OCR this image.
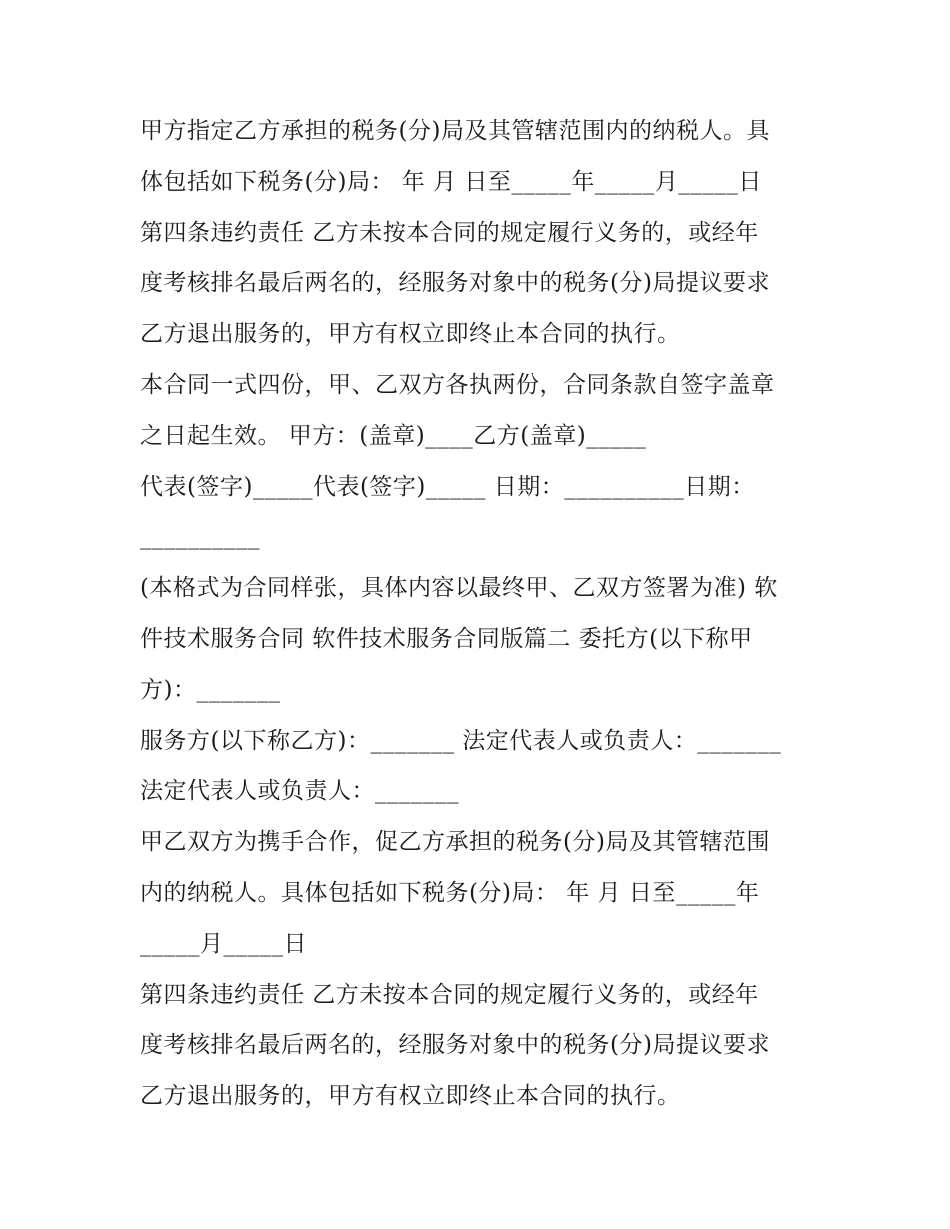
甲方指定乙方承担的税务(分)局及其管辖范围内的纳税人。具
体包括如下税务(分)局： 年 月 日至_____年_____月_____日
第四条违约责任 乙方未按本合同的规定履行义务的，或经年
度考核排名最后两名的，经服务对象中的税务(分)局提议要求
乙方退出服务的，甲方有权立即终止本合同的执行。
本合同一式四份，甲、乙双方各执两份，合同条款自签字盖章
之日起生效。 甲方：(盖章)____乙方(盖章)_____
代表(签字)_____代表(签字)_____ 日期：__________日期：
__________
(本格式为合同样张，具体内容以最终甲、乙双方签署为准) 软
件技术服务合同 软件技术服务合同版篇二 委托方(以下称甲
方)：_______
服务方(以下称乙方)：_______ 法定代表人或负责人：_______
法定代表人或负责人：_______
甲乙双方为携手合作，促乙方承担的税务(分)局及其管辖范围
内的纳税人。具体包括如下税务(分)局： 年 月 日至_____年
_____月_____日
第四条违约责任 乙方未按本合同的规定履行义务的，或经年
度考核排名最后两名的，经服务对象中的税务(分)局提议要求
乙方退出服务的，甲方有权立即终止本合同的执行。
